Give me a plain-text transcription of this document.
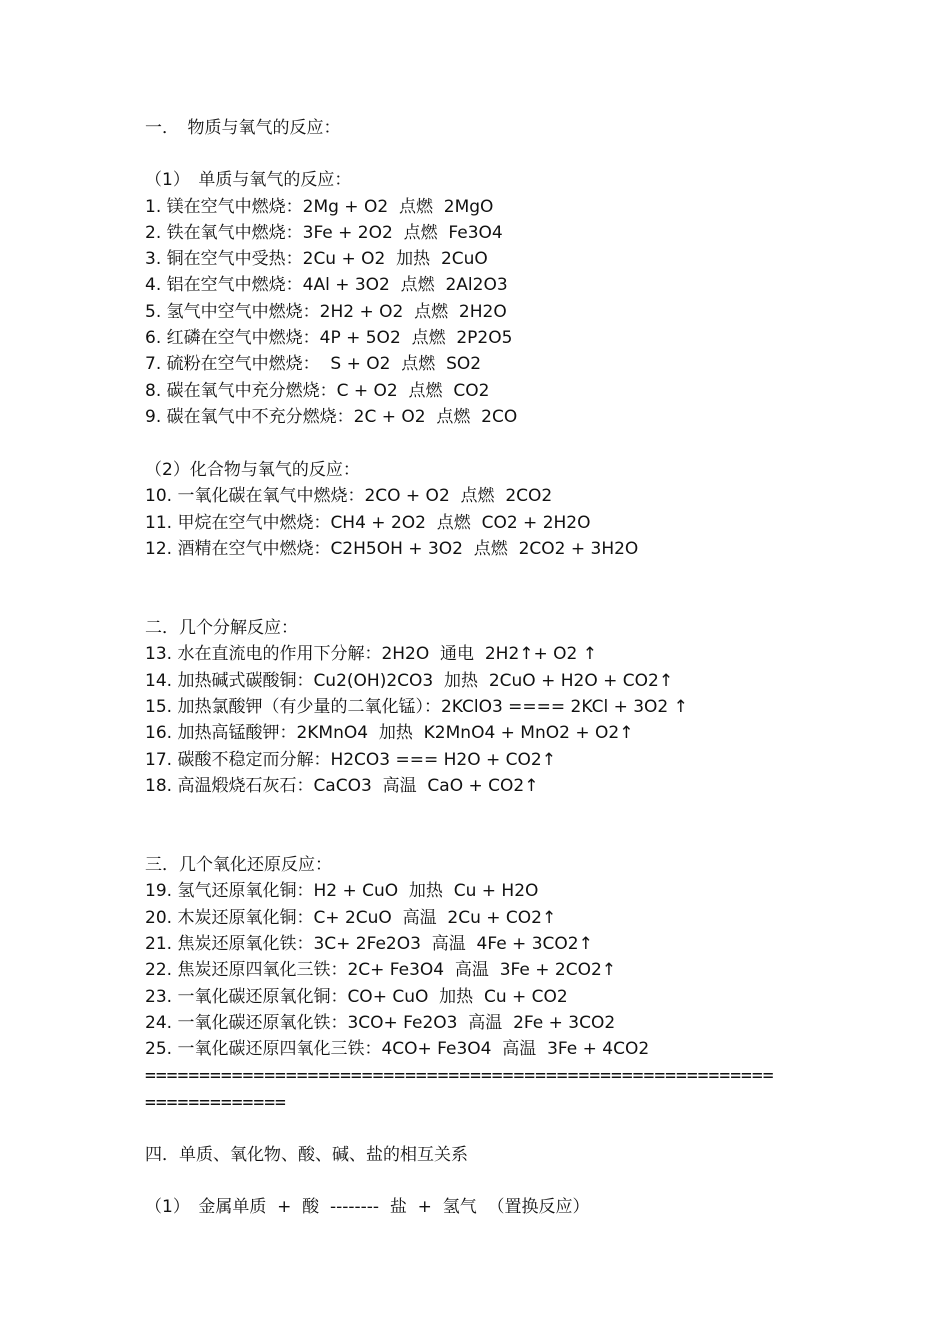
一．　物质与氧气的反应：
（1）　单质与氧气的反应：
1. 镁在空气中燃烧：2Mg + O2  点燃  2MgO
2. 铁在氧气中燃烧：3Fe + 2O2  点燃  Fe3O4
3. 铜在空气中受热：2Cu + O2  加热  2CuO
4. 铝在空气中燃烧：4Al + 3O2  点燃  2Al2O3
5. 氢气中空气中燃烧：2H2 + O2  点燃  2H2O
6. 红磷在空气中燃烧：4P + 5O2  点燃  2P2O5
7. 硫粉在空气中燃烧：  S + O2  点燃  SO2
8. 碳在氧气中充分燃烧：C + O2  点燃  CO2
9. 碳在氧气中不充分燃烧：2C + O2  点燃  2CO
（2）化合物与氧气的反应：
10. 一氧化碳在氧气中燃烧：2CO + O2  点燃  2CO2
11. 甲烷在空气中燃烧：CH4 + 2O2  点燃  CO2 + 2H2O
12. 酒精在空气中燃烧：C2H5OH + 3O2  点燃  2CO2 + 3H2O
二．几个分解反应：
13. 水在直流电的作用下分解：2H2O  通电  2H2↑+ O2 ↑
14. 加热碱式碳酸铜：Cu2(OH)2CO3  加热  2CuO + H2O + CO2↑
15. 加热氯酸钾（有少量的二氧化锰）：2KClO3 ==== 2KCl + 3O2 ↑
16. 加热高锰酸钾：2KMnO4  加热  K2MnO4 + MnO2 + O2↑
17. 碳酸不稳定而分解：H2CO3 === H2O + CO2↑
18. 高温煅烧石灰石：CaCO3  高温  CaO + CO2↑
三．几个氧化还原反应：
19. 氢气还原氧化铜：H2 + CuO  加热  Cu + H2O
20. 木炭还原氧化铜：C+ 2CuO  高温  2Cu + CO2↑
21. 焦炭还原氧化铁：3C+ 2Fe2O3  高温  4Fe + 3CO2↑
22. 焦炭还原四氧化三铁：2C+ Fe3O4  高温  3Fe + 2CO2↑
23. 一氧化碳还原氧化铜：CO+ CuO  加热  Cu + CO2
24. 一氧化碳还原氧化铁：3CO+ Fe2O3  高温  2Fe + 3CO2
25. 一氧化碳还原四氧化三铁：4CO+ Fe3O4  高温  3Fe + 4CO2
==========================================================
=============
四．单质、氧化物、酸、碱、盐的相互关系
（1）　金属单质  +  酸  --------  盐  +  氢气  （置换反应）
